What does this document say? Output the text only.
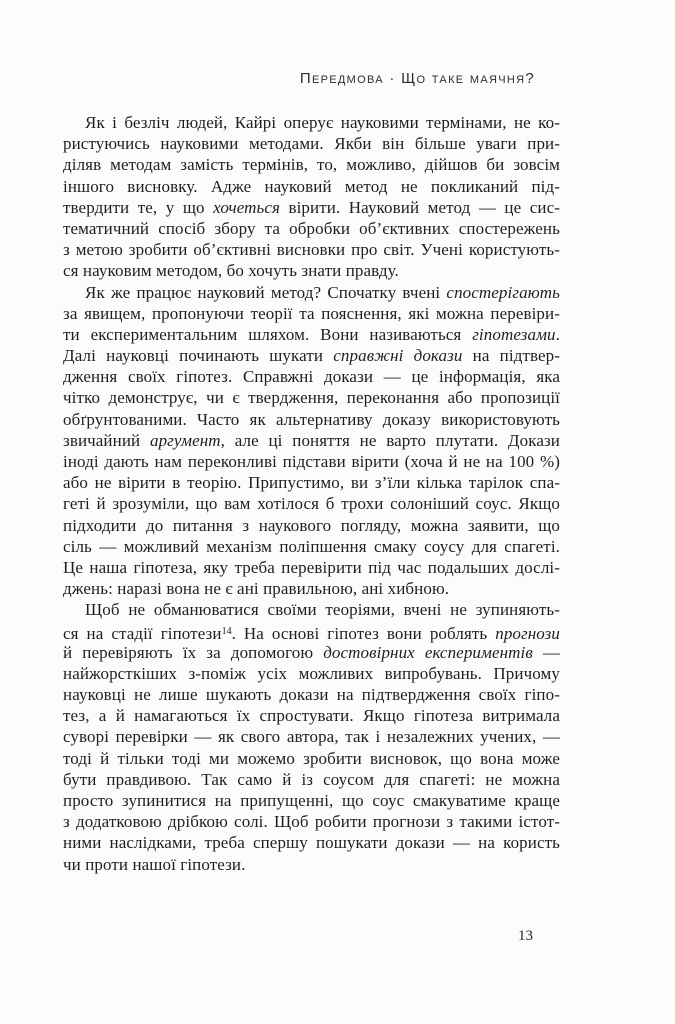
Передмова · Що таке маячня?
Як і безліч людей, Кайрі оперує науковими термінами, не ко-
ристуючись науковими методами. Якби він більше уваги при-
діляв методам замість термінів, то, можливо, дійшов би зовсім
іншого висновку. Адже науковий метод не покликаний під-
твердити те, у що хочеться вірити. Науковий метод — це сис-
тематичний спосіб збору та обробки об’єктивних спостережень
з метою зробити об’єктивні висновки про світ. Учені користують-
ся науковим методом, бо хочуть знати правду.
Як же працює науковий метод? Спочатку вчені спостерігають
за явищем, пропонуючи теорії та пояснення, які можна перевіри-
ти експериментальним шляхом. Вони називаються гіпотезами.
Далі науковці починають шукати справжні докази на підтвер-
дження своїх гіпотез. Справжні докази — це інформація, яка
чітко демонструє, чи є твердження, переконання або пропозиції
обґрунтованими. Часто як альтернативу доказу використовують
звичайний аргумент, але ці поняття не варто плутати. Докази
іноді дають нам переконливі підстави вірити (хоча й не на 100 %)
або не вірити в теорію. Припустимо, ви з’їли кілька тарілок спа-
геті й зрозуміли, що вам хотілося б трохи солоніший соус. Якщо
підходити до питання з наукового погляду, можна заявити, що
сіль — можливий механізм поліпшення смаку соусу для спагеті.
Це наша гіпотеза, яку треба перевірити під час подальших дослі-
джень: наразі вона не є ані правильною, ані хибною.
Щоб не обманюватися своїми теоріями, вчені не зупиняють-
ся на стадії гіпотези$^{14}$. На основі гіпотез вони роблять прогнози
й перевіряють їх за допомогою достовірних експериментів —
найжорсткіших з-поміж усіх можливих випробувань. Причому
науковці не лише шукають докази на підтвердження своїх гіпо-
тез, а й намагаються їх спростувати. Якщо гіпотеза витримала
суворі перевірки — як свого автора, так і незалежних учених, —
тоді й тільки тоді ми можемо зробити висновок, що вона може
бути правдивою. Так само й із соусом для спагеті: не можна
просто зупинитися на припущенні, що соус смакуватиме краще
з додатковою дрібкою солі. Щоб робити прогнози з такими істот-
ними наслідками, треба спершу пошукати докази — на користь
чи проти нашої гіпотези.
13
